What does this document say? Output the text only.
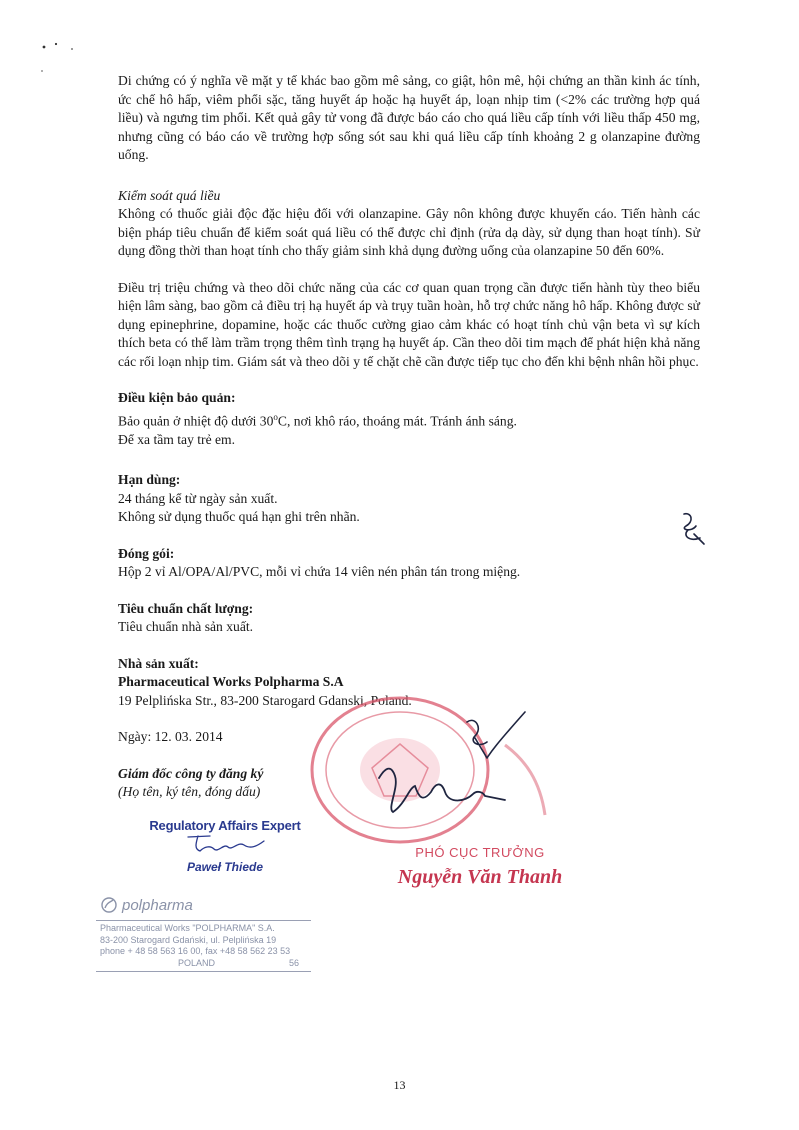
Di chứng có ý nghĩa về mặt y tế khác bao gồm mê sảng, co giật, hôn mê, hội chứng an thần kinh ác tính, ức chế hô hấp, viêm phổi sặc, tăng huyết áp hoặc hạ huyết áp, loạn nhịp tim (<2% các trường hợp quá liều) và ngưng tim phổi. Kết quả gây tử vong đã được báo cáo cho quá liều cấp tính với liều thấp 450 mg, nhưng cũng có báo cáo về trường hợp sống sót sau khi quá liều cấp tính khoảng 2 g olanzapine đường uống.

Kiểm soát quá liều

Không có thuốc giải độc đặc hiệu đối với olanzapine. Gây nôn không được khuyến cáo. Tiến hành các biện pháp tiêu chuẩn để kiểm soát quá liều có thể được chỉ định (rửa dạ dày, sử dụng than hoạt tính). Sử dụng đồng thời than hoạt tính cho thấy giảm sinh khả dụng đường uống của olanzapine 50 đến 60%.

Điều trị triệu chứng và theo dõi chức năng của các cơ quan quan trọng cần được tiến hành tùy theo biểu hiện lâm sàng, bao gồm cả điều trị hạ huyết áp và trụy tuần hoàn, hỗ trợ chức năng hô hấp. Không được sử dụng epinephrine, dopamine, hoặc các thuốc cường giao cảm khác có hoạt tính chủ vận beta vì sự kích thích beta có thể làm trầm trọng thêm tình trạng hạ huyết áp. Cần theo dõi tim mạch để phát hiện khả năng các rối loạn nhịp tim. Giám sát và theo dõi y tế chặt chẽ cần được tiếp tục cho đến khi bệnh nhân hồi phục.

Điều kiện bảo quản:

Bảo quản ở nhiệt độ dưới 30$^o$C, nơi khô ráo, thoáng mát. Tránh ánh sáng.

Để xa tầm tay trẻ em.

Hạn dùng:

24 tháng kể từ ngày sản xuất.

Không sử dụng thuốc quá hạn ghi trên nhãn.

Đóng gói:

Hộp 2 vỉ Al/OPA/Al/PVC, mỗi vỉ chứa 14 viên nén phân tán trong miệng.

Tiêu chuẩn chất lượng:

Tiêu chuẩn nhà sản xuất.

Nhà sản xuất:

Pharmaceutical Works Polpharma S.A

19 Pelplińska Str., 83-200 Starogard Gdanski, Poland.

Ngày: 12. 03. 2014

Giám đốc công ty đăng ký

(Họ tên, ký tên, đóng dấu)

Regulatory Affairs Expert
Paweł Thiede
PHÓ CỤC TRƯỞNG
Nguyễn Văn Thanh
polpharma
Pharmaceutical Works "POLPHARMA" S.A.
83-200 Starogard Gdański, ul. Pelplińska 19
phone + 48 58 563 16 00, fax +48 58 562 23 53
POLAND	56
13
